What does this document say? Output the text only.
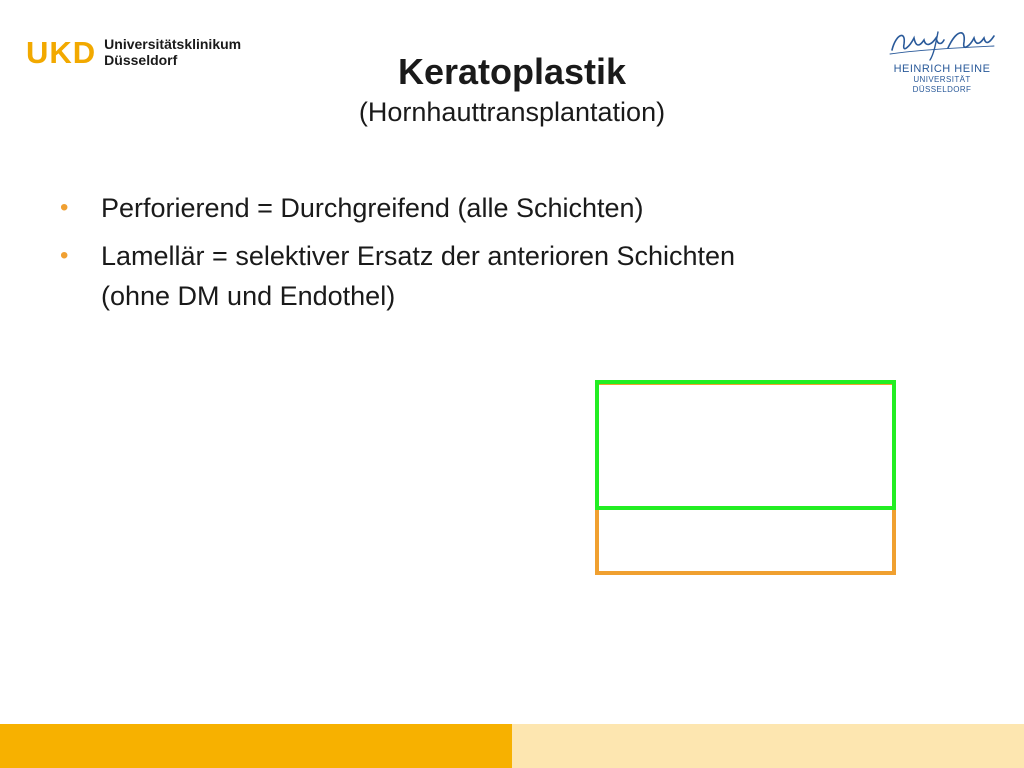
UKD Universitätsklinikum
Düsseldorf
HEINRICH HEINE
UNIVERSITÄT DÜSSELDORF
Keratoplastik
(Hornhauttransplantation)
• Perforierend = Durchgreifend (alle Schichten)
• Lamellär = selektiver Ersatz der anterioren Schichten
(ohne DM und Endothel)
